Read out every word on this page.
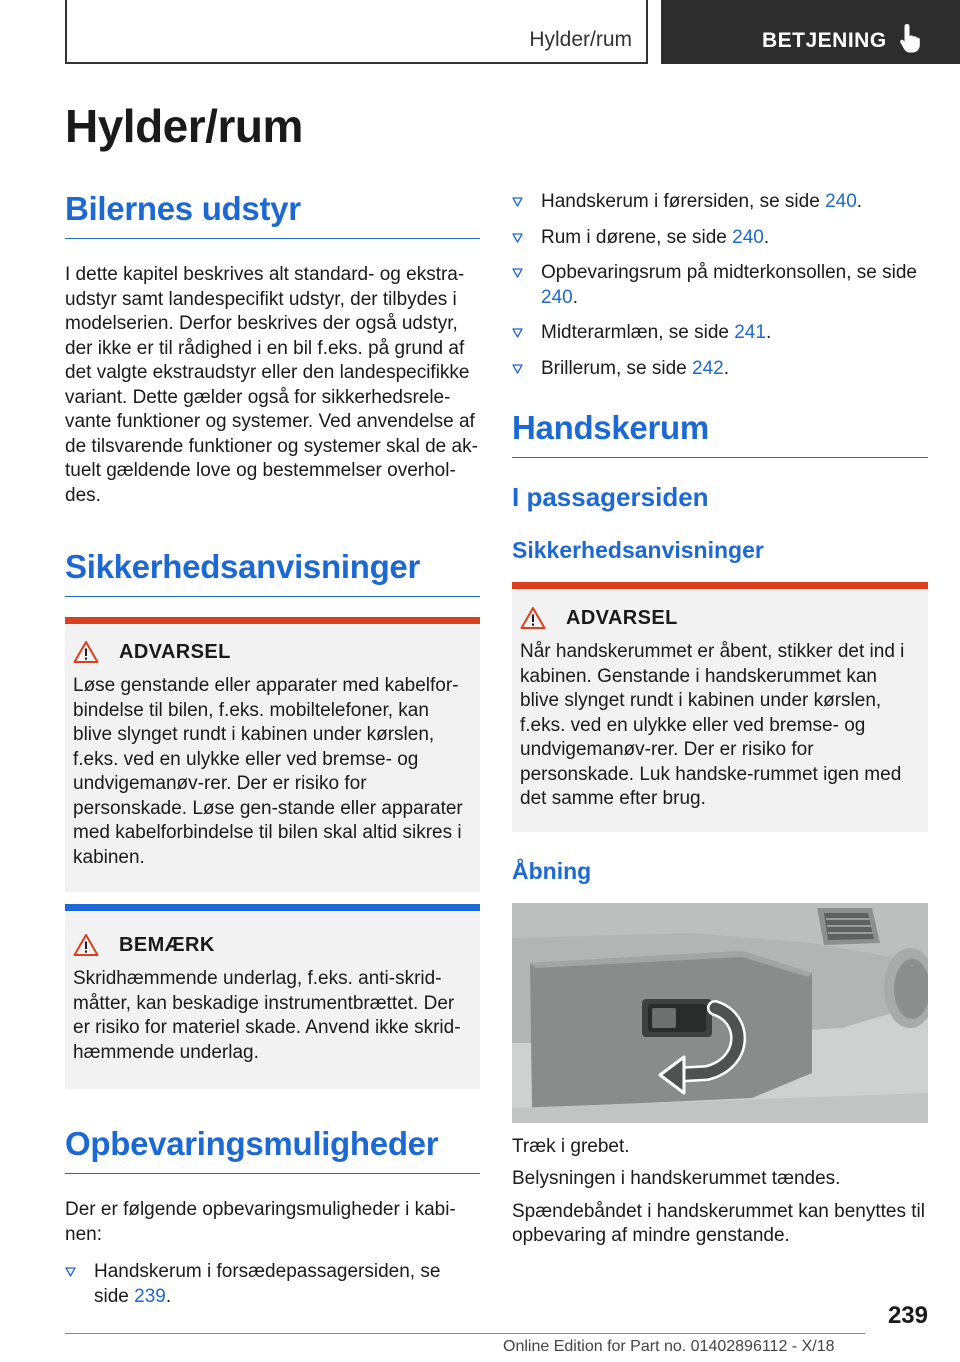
Hylder/rum	BETJENING
Hylder/rum
Bilernes udstyr

I dette kapitel beskrives alt standard- og ekstra-udstyr samt landespecifikt udstyr, der tilbydes i modelserien. Derfor beskrives der også udstyr, der ikke er til rådighed i en bil f.eks. på grund af det valgte ekstraudstyr eller den landespecifikke variant. Dette gælder også for sikkerhedsrele-vante funktioner og systemer. Ved anvendelse af de tilsvarende funktioner og systemer skal de ak-tuelt gældende love og bestemmelser overhol-des.

Sikkerhedsanvisninger
ADVARSEL

Løse genstande eller apparater med kabelfor-bindelse til bilen, f.eks. mobiltelefoner, kan blive slynget rundt i kabinen under kørslen, f.eks. ved en ulykke eller ved bremse- og undvigemanøv-rer. Der er risiko for personskade. Løse gen-stande eller apparater med kabelforbindelse til bilen skal altid sikres i kabinen.

BEMÆRK

Skridhæmmende underlag, f.eks. anti-skrid-måtter, kan beskadige instrumentbrættet. Der er risiko for materiel skade. Anvend ikke skrid-hæmmende underlag.

Opbevaringsmuligheder

Der er følgende opbevaringsmuligheder i kabi-nen:

Handskerum i forsædepassagersiden, se side 239.
Handskerum i førersiden, se side 240.
Rum i dørene, se side 240.
Opbevaringsrum på midterkonsollen, se side 240.
Midterarmlæn, se side 241.
Brillerum, se side 242.
Handskerum
I passagersiden
Sikkerhedsanvisninger
ADVARSEL

Når handskerummet er åbent, stikker det ind i kabinen. Genstande i handskerummet kan blive slynget rundt i kabinen under kørslen, f.eks. ved en ulykke eller ved bremse- og undvigemanøv-rer. Der er risiko for personskade. Luk handske-rummet igen med det samme efter brug.

Åbning

Træk i grebet.

Belysningen i handskerummet tændes.

Spændebåndet i handskerummet kan benyttes til opbevaring af mindre genstande.

239
Online Edition for Part no. 01402896112 - X/18
